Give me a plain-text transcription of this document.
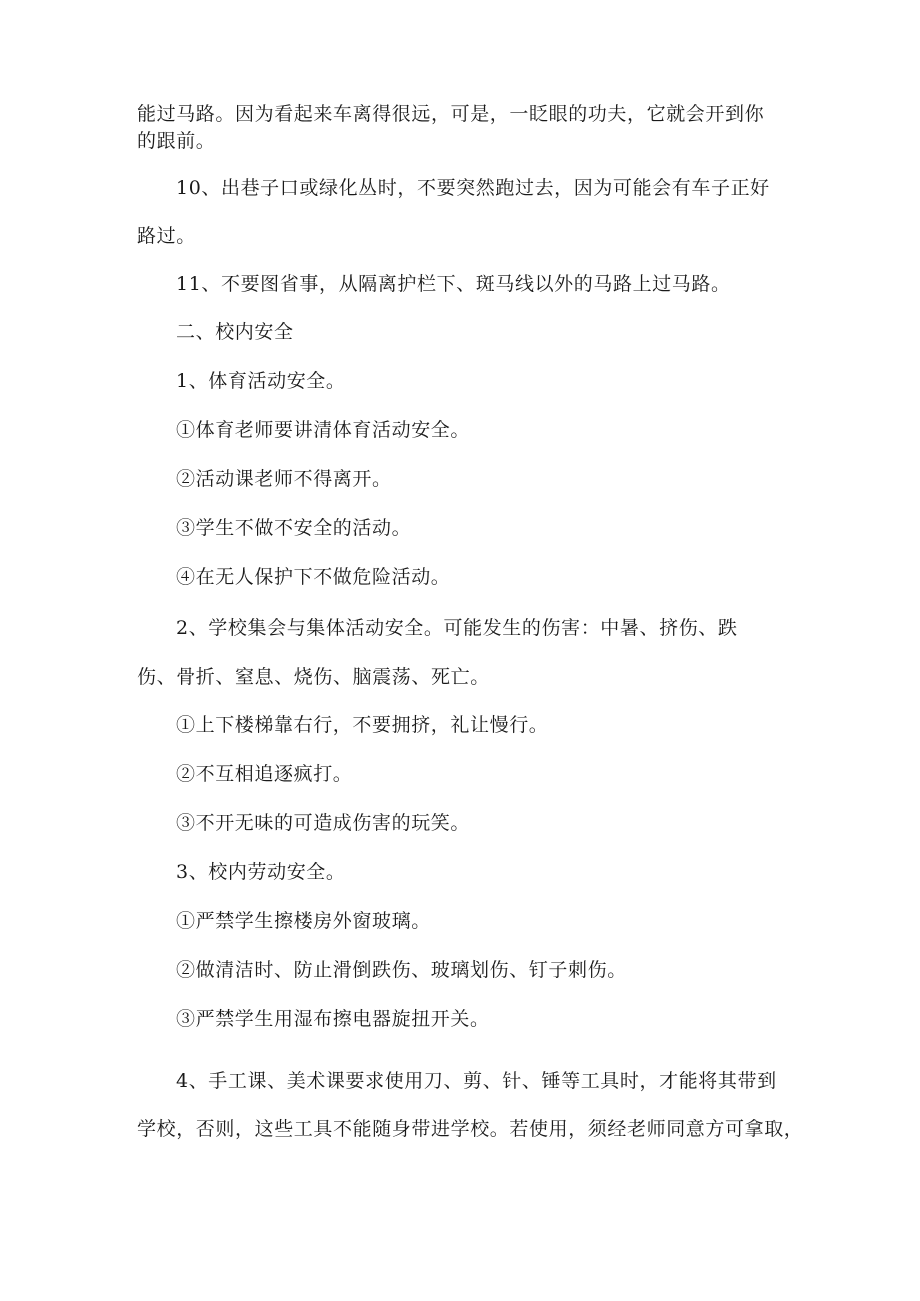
能过马路。因为看起来车离得很远，可是，一眨眼的功夫，它就会开到你

的跟前。

10、出巷子口或绿化丛时，不要突然跑过去，因为可能会有车子正好

路过。

11、不要图省事，从隔离护栏下、斑马线以外的马路上过马路。

二、校内安全

1、体育活动安全。

①体育老师要讲清体育活动安全。

②活动课老师不得离开。

③学生不做不安全的活动。

④在无人保护下不做危险活动。

2、学校集会与集体活动安全。可能发生的伤害：中暑、挤伤、跌

伤、骨折、窒息、烧伤、脑震荡、死亡。

①上下楼梯靠右行，不要拥挤，礼让慢行。

②不互相追逐疯打。

③不开无味的可造成伤害的玩笑。

3、校内劳动安全。

①严禁学生擦楼房外窗玻璃。

②做清洁时、防止滑倒跌伤、玻璃划伤、钉子刺伤。

③严禁学生用湿布擦电器旋扭开关。

4、手工课、美术课要求使用刀、剪、针、锤等工具时，才能将其带到

学校，否则，这些工具不能随身带进学校。若使用，须经老师同意方可拿取，
